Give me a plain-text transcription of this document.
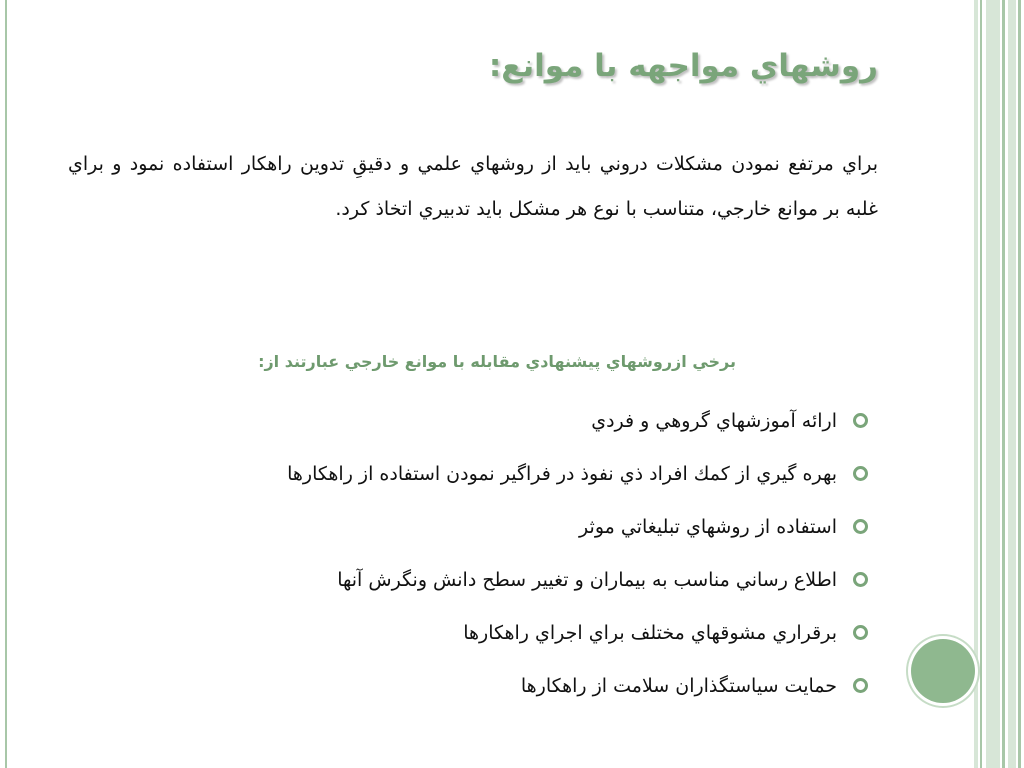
روشهاي مواجهه با موانع:
براي مرتفع نمودن مشكلات دروني بايد از روشهاي علمي و دقيقِ تدوين راهكار استفاده نمود و براي غلبه بر موانع خارجي، متناسب با نوع هر مشكل بايد تدبيري اتخاذ كرد.
برخي ازروشهاي پيشنهادي مقابله با موانع خارجي عبارتند از:
ارائه آموزشهاي گروهي و فردي
بهره گيري از كمك افراد ذي نفوذ در فراگير نمودن استفاده از راهكارها
استفاده از روشهاي تبليغاتي موثر
اطلاع رساني مناسب به بيماران و تغيير سطح دانش ونگرش آنها
برقراري مشوقهاي مختلف براي اجراي راهكارها
حمايت سياستگذاران سلامت از راهكارها
